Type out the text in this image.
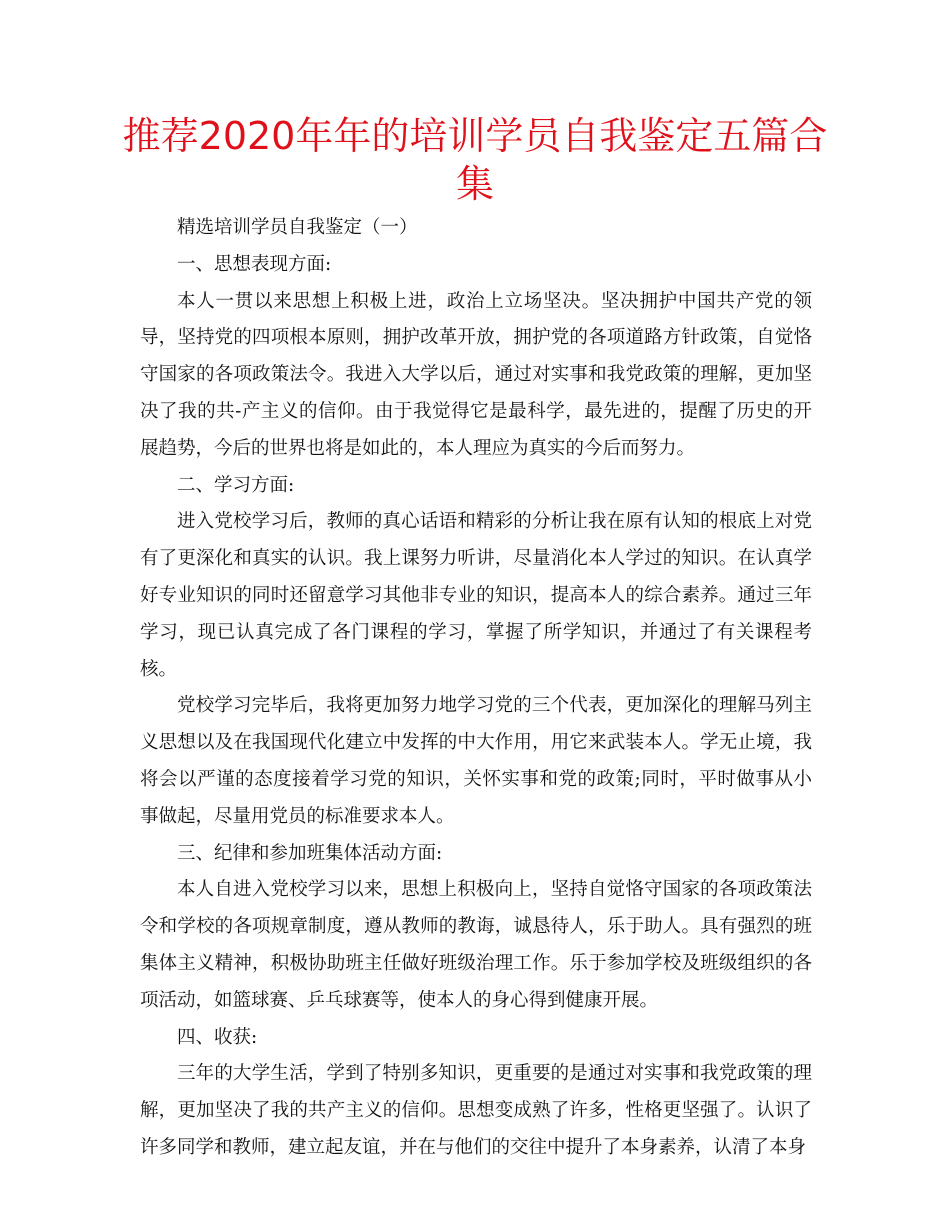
推荐2020年年的培训学员自我鉴定五篇合集

精选培训学员自我鉴定（一）

一、思想表现方面:

本人一贯以来思想上积极上进，政治上立场坚决。坚决拥护中国共产党的领导，坚持党的四项根本原则，拥护改革开放，拥护党的各项道路方针政策，自觉恪守国家的各项政策法令。我进入大学以后，通过对实事和我党政策的理解，更加坚决了我的共-产主义的信仰。由于我觉得它是最科学，最先进的，提醒了历史的开展趋势，今后的世界也将是如此的，本人理应为真实的今后而努力。

二、学习方面:

进入党校学习后，教师的真心话语和精彩的分析让我在原有认知的根底上对党有了更深化和真实的认识。我上课努力听讲，尽量消化本人学过的知识。在认真学好专业知识的同时还留意学习其他非专业的知识，提高本人的综合素养。通过三年学习，现已认真完成了各门课程的学习，掌握了所学知识，并通过了有关课程考核。

党校学习完毕后，我将更加努力地学习党的三个代表，更加深化的理解马列主义思想以及在我国现代化建立中发挥的中大作用，用它来武装本人。学无止境，我将会以严谨的态度接着学习党的知识，关怀实事和党的政策;同时，平时做事从小事做起，尽量用党员的标准要求本人。

三、纪律和参加班集体活动方面:

本人自进入党校学习以来，思想上积极向上，坚持自觉恪守国家的各项政策法令和学校的各项规章制度，遵从教师的教诲，诚恳待人，乐于助人。具有强烈的班集体主义精神，积极协助班主任做好班级治理工作。乐于参加学校及班级组织的各项活动，如篮球赛、乒乓球赛等，使本人的身心得到健康开展。

四、收获:

三年的大学生活，学到了特别多知识，更重要的是通过对实事和我党政策的理解，更加坚决了我的共产主义的信仰。思想变成熟了许多，性格更坚强了。认识了许多同学和教师，建立起友谊，并在与他们的交往中提升了本身素养，认清了本身
